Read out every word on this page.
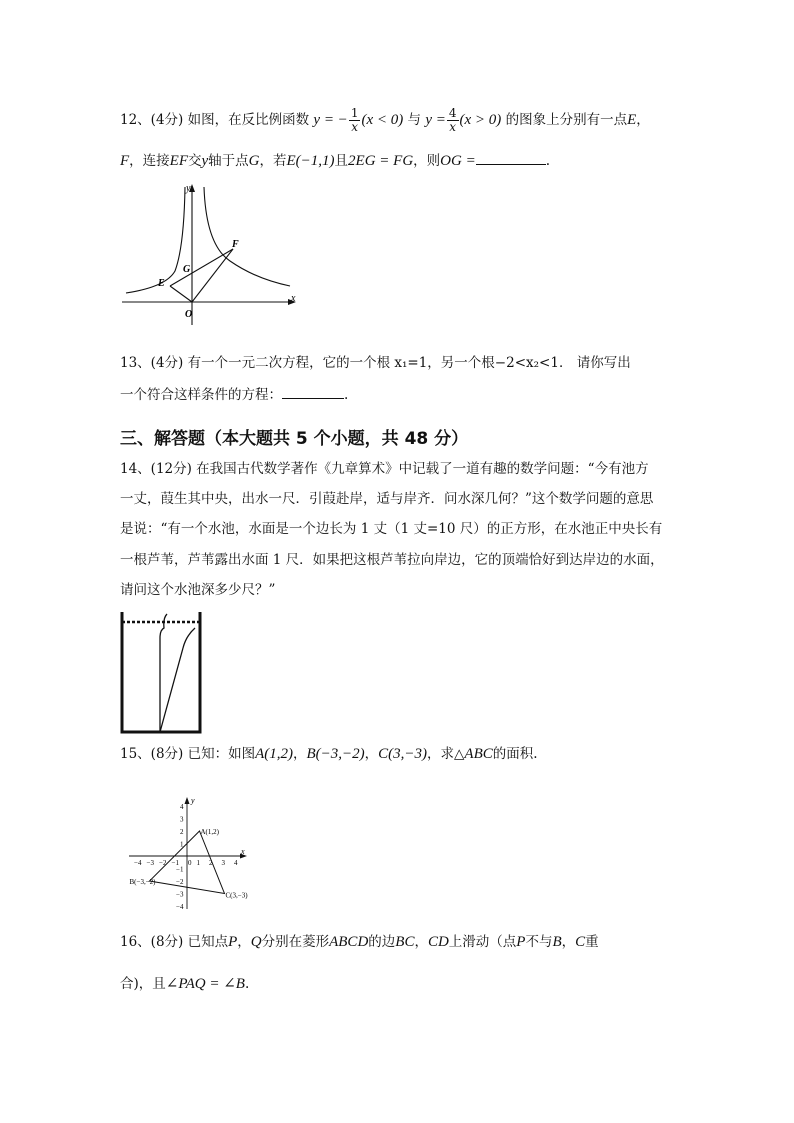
12、(4分) 如图，在反比例函数 y = − $\frac{1}{x} (x < 0)$ 与 $y = \frac{4}{x} (x > 0)$ 的图象上分别有一点E，
F，连接EF交y轴于点G，若E(−1,1)且2EG = FG，则OG =	.
y
x
E
G
F
O
13、(4分) 有一个一元二次方程，它的一个根 x₁=1，另一个根−2<x₂<1． 请你写出
一个符合这样条件的方程：	.
三、解答题（本大题共 5 个小题，共 48 分）
14、(12分) 在我国古代数学著作《九章算术》中记载了一道有趣的数学问题：“今有池方
一丈，葭生其中央，出水一尺．引葭赴岸，适与岸齐．问水深几何？”这个数学问题的意思
是说：“有一个水池，水面是一个边长为 1 丈（1 丈=10 尺）的正方形，在水池正中央长有
一根芦苇，芦苇露出水面 1 尺．如果把这根芦苇拉向岸边，它的顶端恰好到达岸边的水面，
请问这个水池深多少尺？”
15、(8分) 已知：如图A(1,2)，B(−3,−2)，C(3,−3)，求△ABC的面积.
y
x
−4 −3 −2 −1 0 1 2 3 4
4
3
2
1
−1
−2
−3
−4
A(1,2)
B(−3,−2)
C(3,−3)
16、(8分) 已知点P，Q分别在菱形ABCD的边BC，CD上滑动（点P不与B，C重
合)，且∠PAQ = ∠B.
